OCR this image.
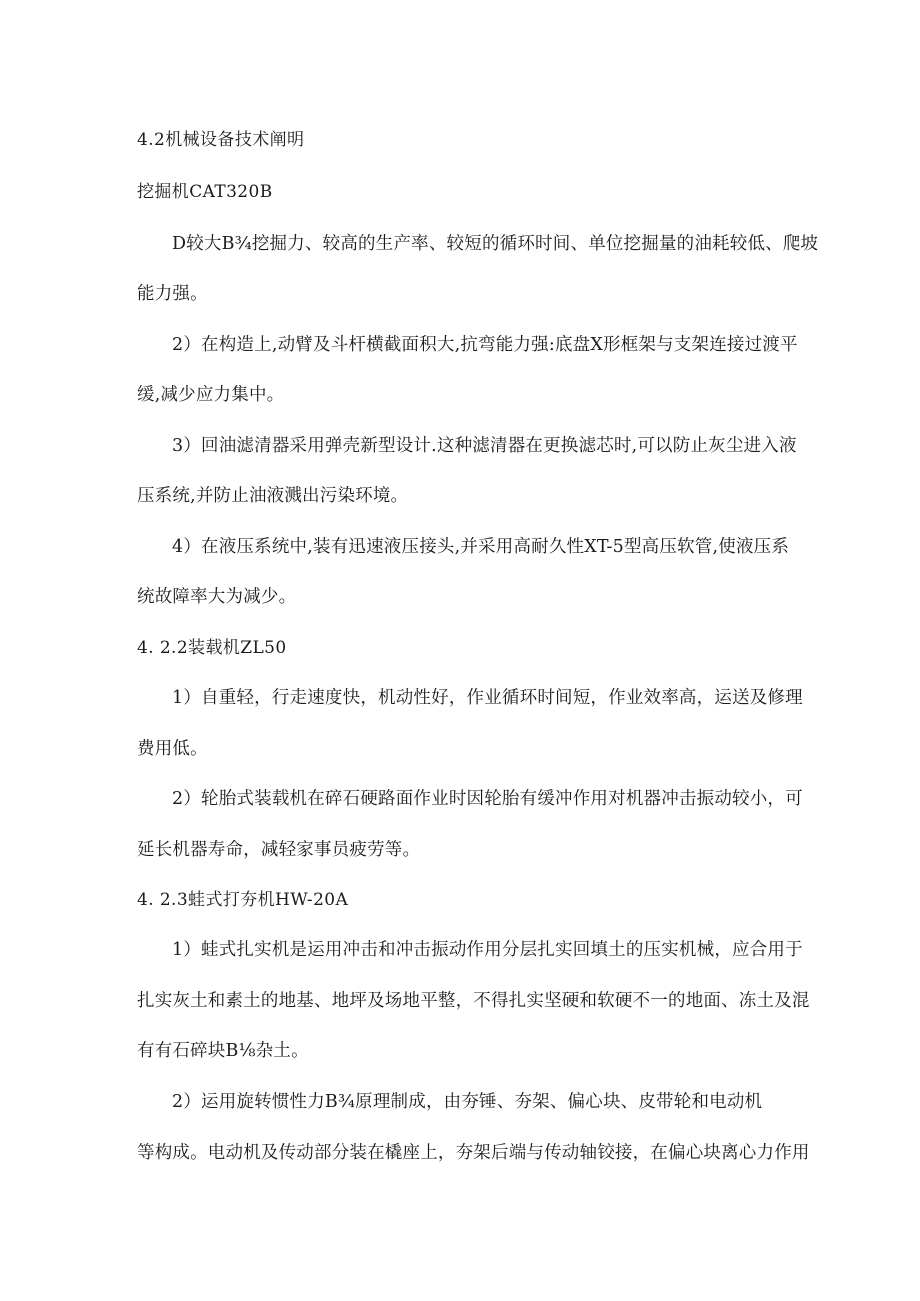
4.2机械设备技术阐明
挖掘机CAT320B
D较大B¾挖掘力、较高的生产率、较短的循环时间、单位挖掘量的油耗较低、爬坡
能力强。
2）在构造上,动臂及斗杆横截面积大,抗弯能力强:底盘X形框架与支架连接过渡平
缓,减少应力集中。
3）回油滤清器采用弹壳新型设计.这种滤清器在更换滤芯时,可以防止灰尘进入液
压系统,并防止油液溅出污染环境。
4）在液压系统中,装有迅速液压接头,并采用高耐久性XT-5型高压软管,使液压系
统故障率大为减少。
4. 2.2装载机ZL50
1）自重轻，行走速度快，机动性好，作业循环时间短，作业效率高，运送及修理
费用低。
2）轮胎式装载机在碎石硬路面作业时因轮胎有缓冲作用对机器冲击振动较小，可
延长机器寿命，减轻家事员疲劳等。
4. 2.3蛙式打夯机HW-20A
1）蛙式扎实机是运用冲击和冲击振动作用分层扎实回填土的压实机械，应合用于
扎实灰土和素土的地基、地坪及场地平整，不得扎实坚硬和软硬不一的地面、冻土及混
有有石碎块B⅛杂土。
2）运用旋转惯性力B¾原理制成，由夯锤、夯架、偏心块、皮带轮和电动机
等构成。电动机及传动部分装在橇座上，夯架后端与传动轴铰接，在偏心块离心力作用
